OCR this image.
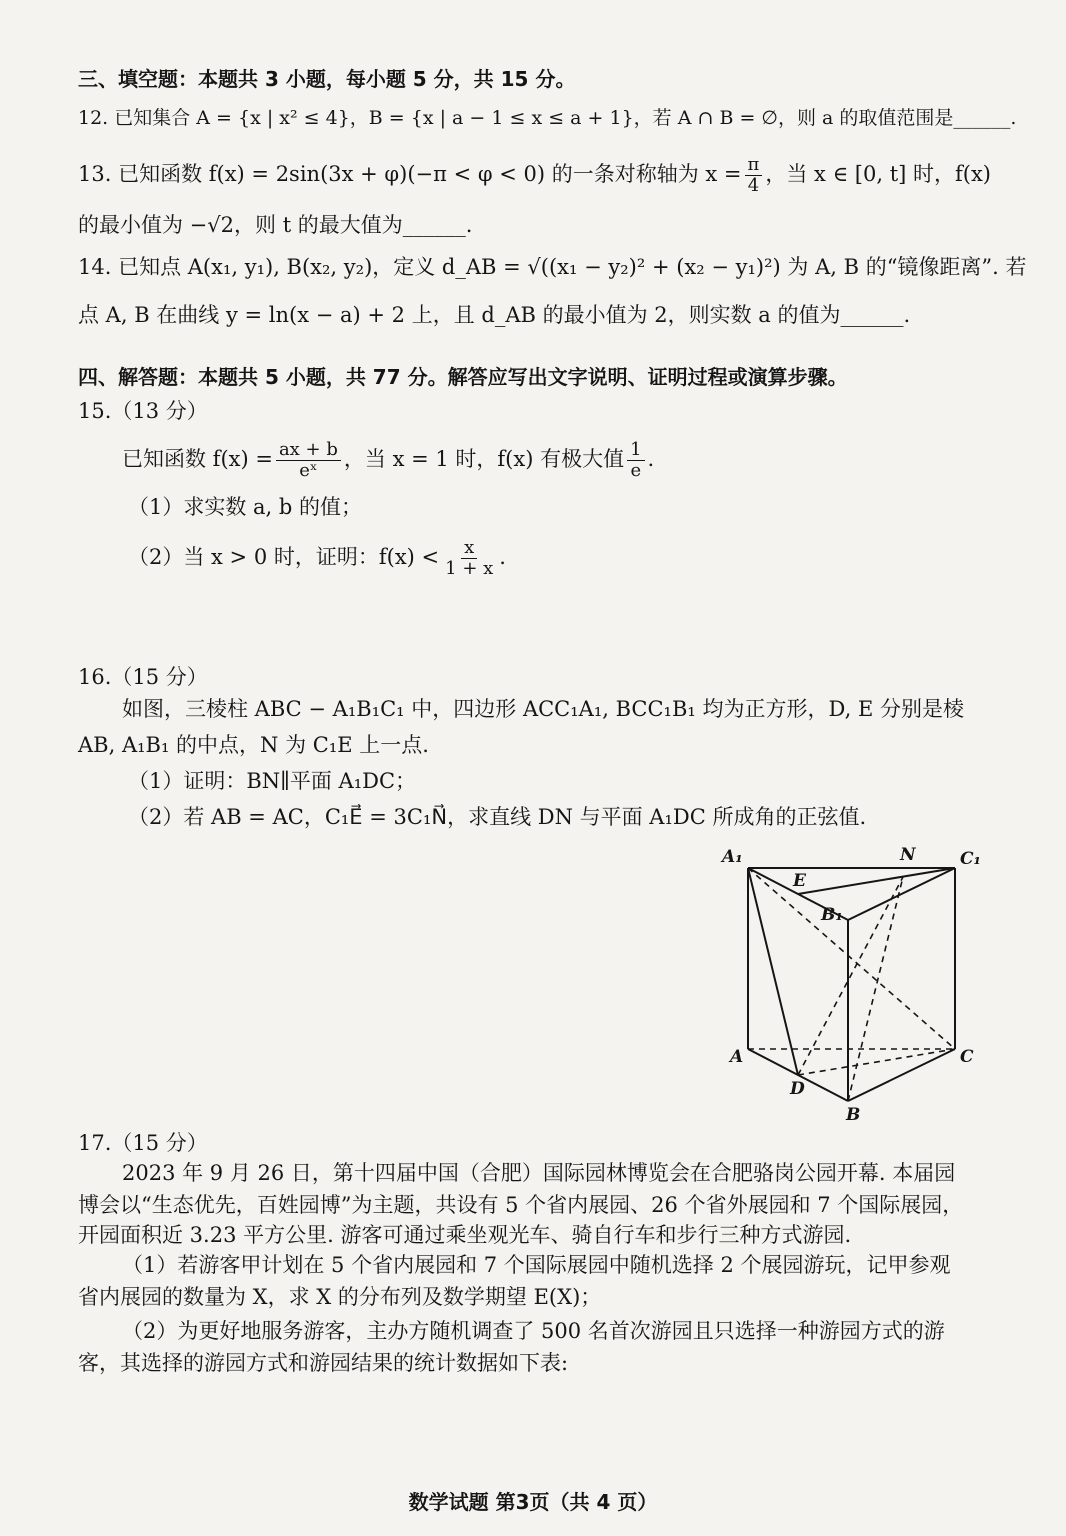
三、填空题：本题共 3 小题，每小题 5 分，共 15 分。
12. 已知集合 A = {x | x² ≤ 4}，B = {x | a − 1 ≤ x ≤ a + 1}，若 A ∩ B = ∅，则 a 的取值范围是______.
13. 已知函数 f(x) = 2sin(3x + φ)(−π < φ < 0) 的一条对称轴为 $x = \frac{\pi}{4}$ ，当 x ∈ [0, t] 时，f(x)
的最小值为 −√2，则 t 的最大值为______.
14. 已知点 A(x₁, y₁), B(x₂, y₂)，定义 d_AB = √((x₁ − y₂)² + (x₂ − y₁)²) 为 A, B 的“镜像距离”. 若
点 A, B 在曲线 y = ln(x − a) + 2 上，且 d_AB 的最小值为 2，则实数 a 的值为______.
四、解答题：本题共 5 小题，共 77 分。解答应写出文字说明、证明过程或演算步骤。
15.（13 分）
已知函数 $f(x) = \frac{ax + b}{\text{eˣ}}$ ，当 x = 1 时，f(x) 有极大值 $\frac{1}{e}$ .
（1）求实数 a, b 的值；
（2）当 x > 0 时，证明：$f(x) < \frac{x}{1 + x}$ .
16.（15 分）
如图，三棱柱 ABC − A₁B₁C₁ 中，四边形 ACC₁A₁, BCC₁B₁ 均为正方形，D, E 分别是棱
AB, A₁B₁ 的中点，N 为 C₁E 上一点.
（1）证明：BN∥平面 A₁DC；
（2）若 AB = AC，C₁E⃗ = 3C₁N⃗，求直线 DN 与平面 A₁DC 所成角的正弦值.
A₁	N	C₁
E
B₁
A	C
D
B
17.（15 分）
2023 年 9 月 26 日，第十四届中国（合肥）国际园林博览会在合肥骆岗公园开幕. 本届园
博会以“生态优先，百姓园博”为主题，共设有 5 个省内展园、26 个省外展园和 7 个国际展园，
开园面积近 3.23 平方公里. 游客可通过乘坐观光车、骑自行车和步行三种方式游园.
（1）若游客甲计划在 5 个省内展园和 7 个国际展园中随机选择 2 个展园游玩，记甲参观
省内展园的数量为 X，求 X 的分布列及数学期望 E(X)；
（2）为更好地服务游客，主办方随机调查了 500 名首次游园且只选择一种游园方式的游
客，其选择的游园方式和游园结果的统计数据如下表:
数学试题 第3页（共 4 页）
